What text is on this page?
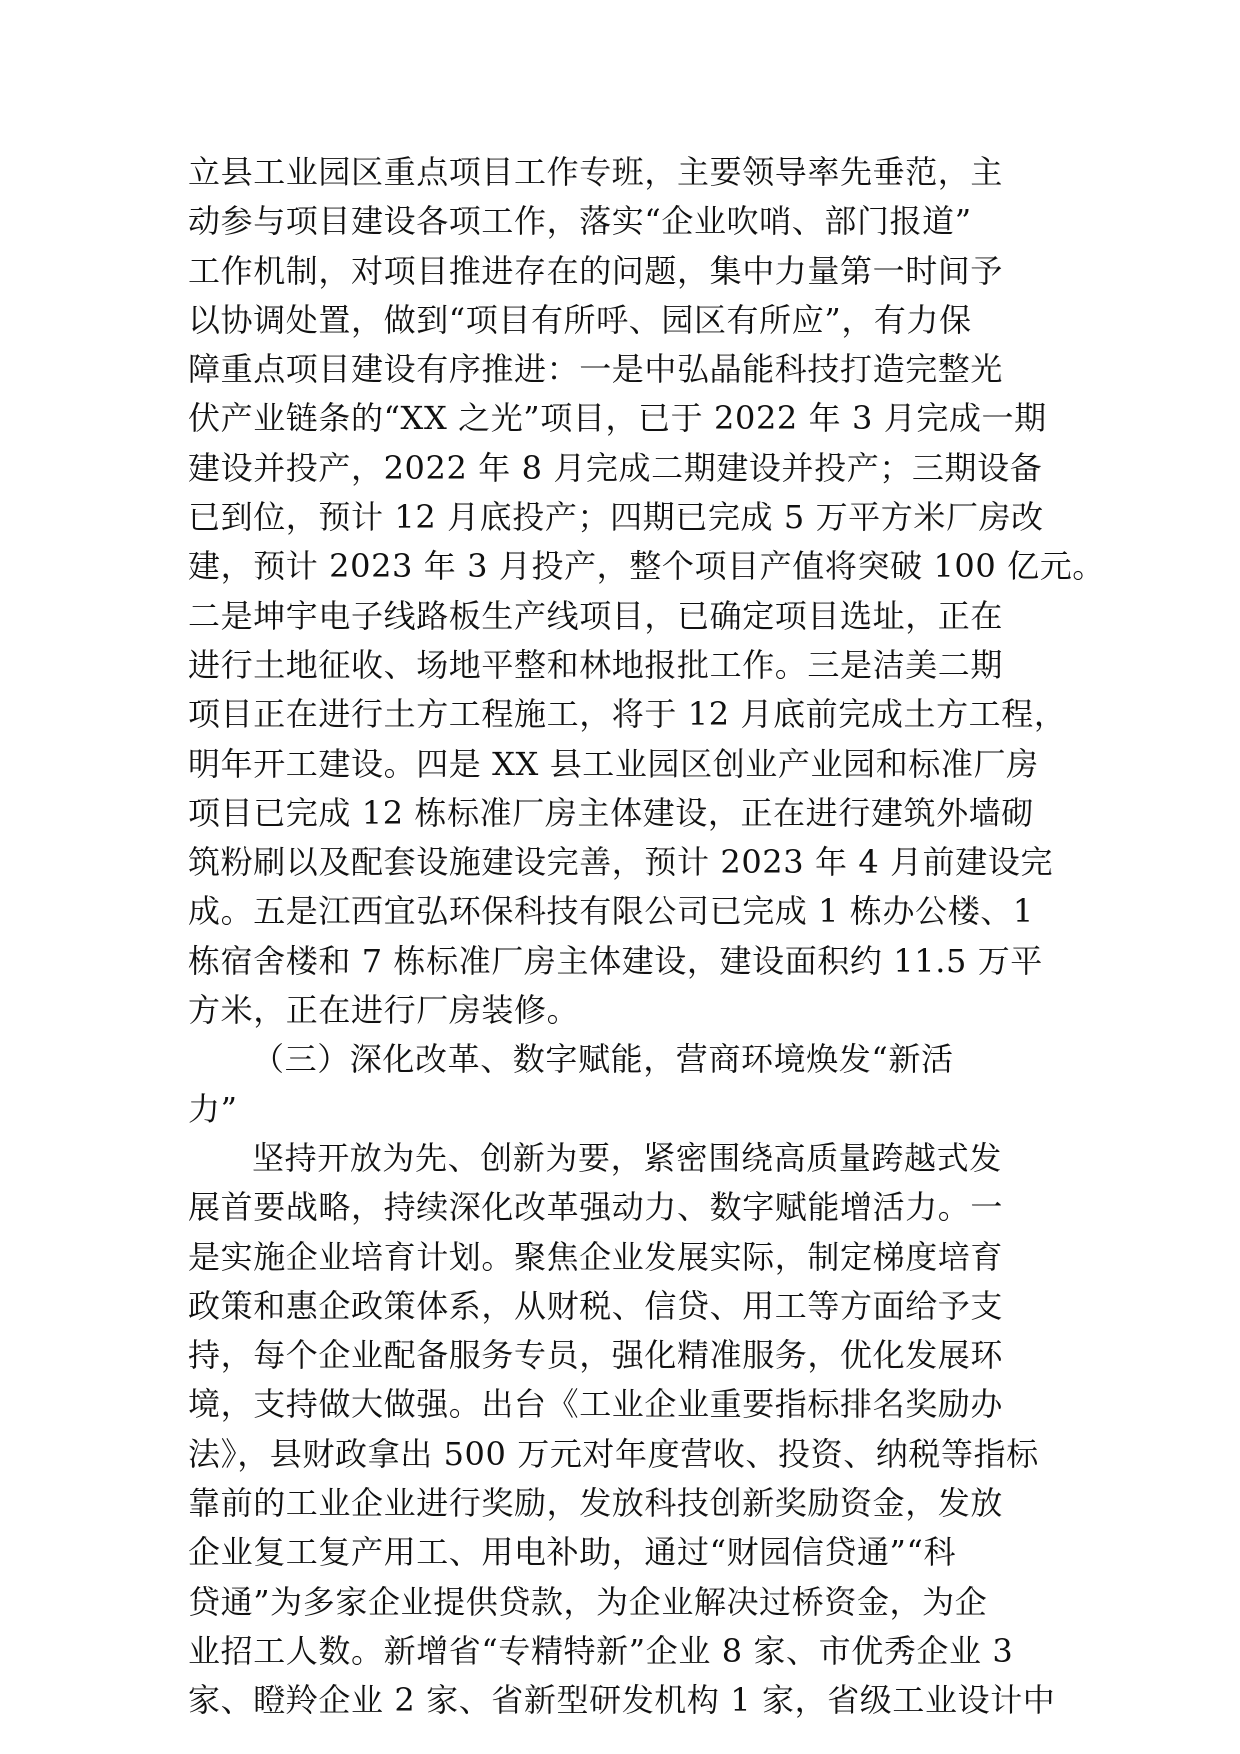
立县工业园区重点项目工作专班，主要领导率先垂范，主
动参与项目建设各项工作，落实“企业吹哨、部门报道”
工作机制，对项目推进存在的问题，集中力量第一时间予
以协调处置，做到“项目有所呼、园区有所应”，有力保
障重点项目建设有序推进：一是中弘晶能科技打造完整光
伏产业链条的“XX 之光”项目，已于 2022 年 3 月完成一期
建设并投产，2022 年 8 月完成二期建设并投产；三期设备
已到位，预计 12 月底投产；四期已完成 5 万平方米厂房改
建，预计 2023 年 3 月投产，整个项目产值将突破 100 亿元。
二是坤宇电子线路板生产线项目，已确定项目选址，正在
进行土地征收、场地平整和林地报批工作。三是洁美二期
项目正在进行土方工程施工，将于 12 月底前完成土方工程，
明年开工建设。四是 XX 县工业园区创业产业园和标准厂房
项目已完成 12 栋标准厂房主体建设，正在进行建筑外墙砌
筑粉刷以及配套设施建设完善，预计 2023 年 4 月前建设完
成。五是江西宜弘环保科技有限公司已完成 1 栋办公楼、1
栋宿舍楼和 7 栋标准厂房主体建设，建设面积约 11.5 万平
方米，正在进行厂房装修。
（三）深化改革、数字赋能，营商环境焕发“新活
力”
坚持开放为先、创新为要，紧密围绕高质量跨越式发
展首要战略，持续深化改革强动力、数字赋能增活力。一
是实施企业培育计划。聚焦企业发展实际，制定梯度培育
政策和惠企政策体系，从财税、信贷、用工等方面给予支
持，每个企业配备服务专员，强化精准服务，优化发展环
境，支持做大做强。出台《工业企业重要指标排名奖励办
法》，县财政拿出 500 万元对年度营收、投资、纳税等指标
靠前的工业企业进行奖励，发放科技创新奖励资金，发放
企业复工复产用工、用电补助，通过“财园信贷通”“科
贷通”为多家企业提供贷款，为企业解决过桥资金，为企
业招工人数。新增省“专精特新”企业 8 家、市优秀企业 3
家、瞪羚企业 2 家、省新型研发机构 1 家，省级工业设计中
